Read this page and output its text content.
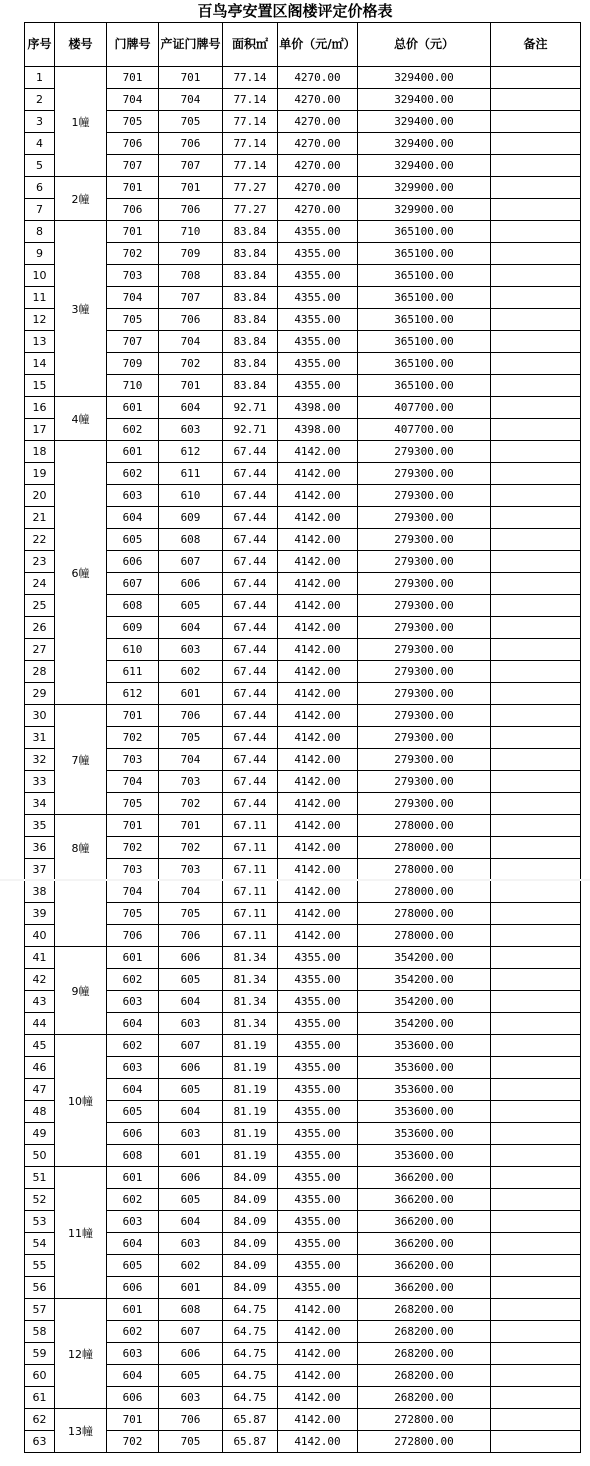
百鸟亭安置区阁楼评定价格表
序号	楼号	门牌号	产证门牌号	面积㎡	单价（元/㎡）	总价（元）	备注
1	1幢	701	701	77.14	4270.00	329400.00	
2		704	704	77.14	4270.00	329400.00	
3		705	705	77.14	4270.00	329400.00	
4		706	706	77.14	4270.00	329400.00	
5		707	707	77.14	4270.00	329400.00	
6	2幢	701	701	77.27	4270.00	329900.00	
7		706	706	77.27	4270.00	329900.00	
8	3幢	701	710	83.84	4355.00	365100.00	
9		702	709	83.84	4355.00	365100.00	
10		703	708	83.84	4355.00	365100.00	
11		704	707	83.84	4355.00	365100.00	
12		705	706	83.84	4355.00	365100.00	
13		707	704	83.84	4355.00	365100.00	
14		709	702	83.84	4355.00	365100.00	
15		710	701	83.84	4355.00	365100.00	
16	4幢	601	604	92.71	4398.00	407700.00	
17		602	603	92.71	4398.00	407700.00	
18	6幢	601	612	67.44	4142.00	279300.00	
19		602	611	67.44	4142.00	279300.00	
20		603	610	67.44	4142.00	279300.00	
21		604	609	67.44	4142.00	279300.00	
22		605	608	67.44	4142.00	279300.00	
23		606	607	67.44	4142.00	279300.00	
24		607	606	67.44	4142.00	279300.00	
25		608	605	67.44	4142.00	279300.00	
26		609	604	67.44	4142.00	279300.00	
27		610	603	67.44	4142.00	279300.00	
28		611	602	67.44	4142.00	279300.00	
29		612	601	67.44	4142.00	279300.00	
30	7幢	701	706	67.44	4142.00	279300.00	
31		702	705	67.44	4142.00	279300.00	
32		703	704	67.44	4142.00	279300.00	
33		704	703	67.44	4142.00	279300.00	
34		705	702	67.44	4142.00	279300.00	
35	8幢	701	701	67.11	4142.00	278000.00	
36		702	702	67.11	4142.00	278000.00	
37		703	703	67.11	4142.00	278000.00	
38		704	704	67.11	4142.00	278000.00	
39		705	705	67.11	4142.00	278000.00	
40		706	706	67.11	4142.00	278000.00	
41	9幢	601	606	81.34	4355.00	354200.00	
42		602	605	81.34	4355.00	354200.00	
43		603	604	81.34	4355.00	354200.00	
44		604	603	81.34	4355.00	354200.00	
45	10幢	602	607	81.19	4355.00	353600.00	
46		603	606	81.19	4355.00	353600.00	
47		604	605	81.19	4355.00	353600.00	
48		605	604	81.19	4355.00	353600.00	
49		606	603	81.19	4355.00	353600.00	
50		608	601	81.19	4355.00	353600.00	
51	11幢	601	606	84.09	4355.00	366200.00	
52		602	605	84.09	4355.00	366200.00	
53		603	604	84.09	4355.00	366200.00	
54		604	603	84.09	4355.00	366200.00	
55		605	602	84.09	4355.00	366200.00	
56		606	601	84.09	4355.00	366200.00	
57	12幢	601	608	64.75	4142.00	268200.00	
58		602	607	64.75	4142.00	268200.00	
59		603	606	64.75	4142.00	268200.00	
60		604	605	64.75	4142.00	268200.00	
61		606	603	64.75	4142.00	268200.00	
62	13幢	701	706	65.87	4142.00	272800.00	
63		702	705	65.87	4142.00	272800.00	
